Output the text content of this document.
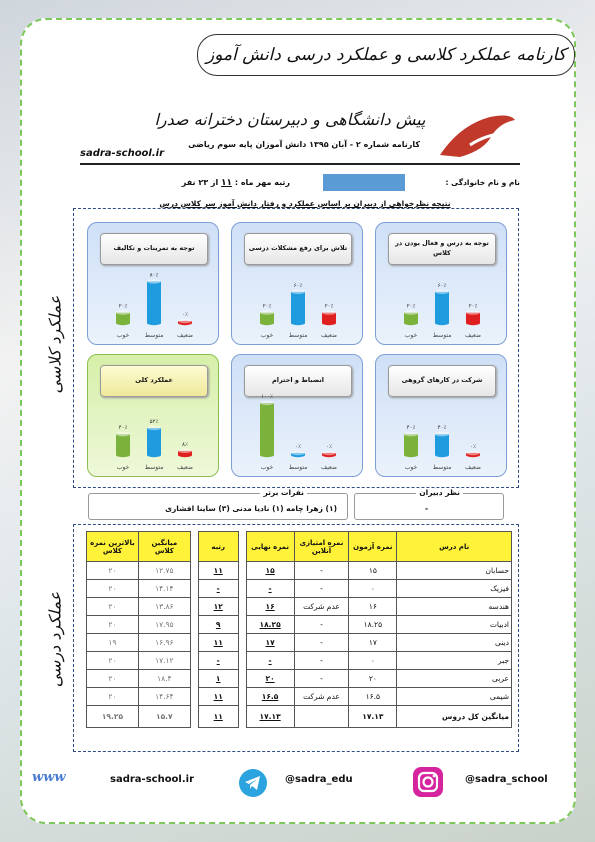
کارنامه عملکرد کلاسی و عملکرد درسی دانش آموز
پیش دانشگاهی و دبیرستان دخترانه صدرا
کارنامه شماره ۲ - آبان ۱۳۹۵ دانش آموزان پایه سوم ریاضی
sadra-school.ir
نام و نام خانوادگی :
رتبه مهر ماه : ۱۱ از ۲۳ نفر
نتیجه نظرخواهی از دبیران بر اساس عملکرد و رفتار دانش آموز سر کلاس درس
عملکرد کلاسی
توجه به درس و فعال بودن در کلاس
۲۰٪
ضعیف
۶۰٪
متوسط
۲۰٪
خوب
تلاش برای رفع مشکلات درسی
۲۰٪
ضعیف
۶۰٪
متوسط
۲۰٪
خوب
توجه به تمرینات و تکالیف
۰٪
ضعیف
۸۰٪
متوسط
۲۰٪
خوب
شرکت در کارهای گروهی
۰٪
ضعیف
۴۰٪
متوسط
۴۰٪
خوب
انضباط و احترام
۰٪
ضعیف
۰٪
متوسط
۱۰۰٪
خوب
عملکرد کلی
۸٪
ضعیف
۵۲٪
متوسط
۴۰٪
خوب
نفرات برتر
(۱) زهرا چامه (۱) نادیا مدنی (۳) ساینا افشاری
نظر دبیران
-
عملکرد درسی
بالاترین نمره کلاس	میانگین کلاس		رتبه		نمره نهایی	نمره امتیازی آنلاین	نمره آزمون	نام درس
۲۰	۱۲.۷۵		۱۱		۱۵	-	۱۵	حسابان
۲۰	۱۴.۱۴		-		-	-	۰	فیزیک
۲۰	۱۳.۸۶		۱۲		۱۶	عدم شرکت	۱۶	هندسه
۲۰	۱۷.۹۵		۹		۱۸.۲۵	-	۱۸.۲۵	ادبیات
۱۹	۱۶.۹۶		۱۱		۱۷	-	۱۷	دینی
۲۰	۱۷.۱۲		-		-	-	۰	جبر
۲۰	۱۸.۴		۱		۲۰	-	۲۰	عربی
۲۰	۱۴.۶۴		۱۱		۱۶.۵	عدم شرکت	۱۶.۵	شیمی
۱۹.۲۵	۱۵.۷		۱۱		۱۷.۱۳		۱۷.۱۳	میانگین کل دروس
www	sadra-school.ir	@sadra_edu	@sadra_school
